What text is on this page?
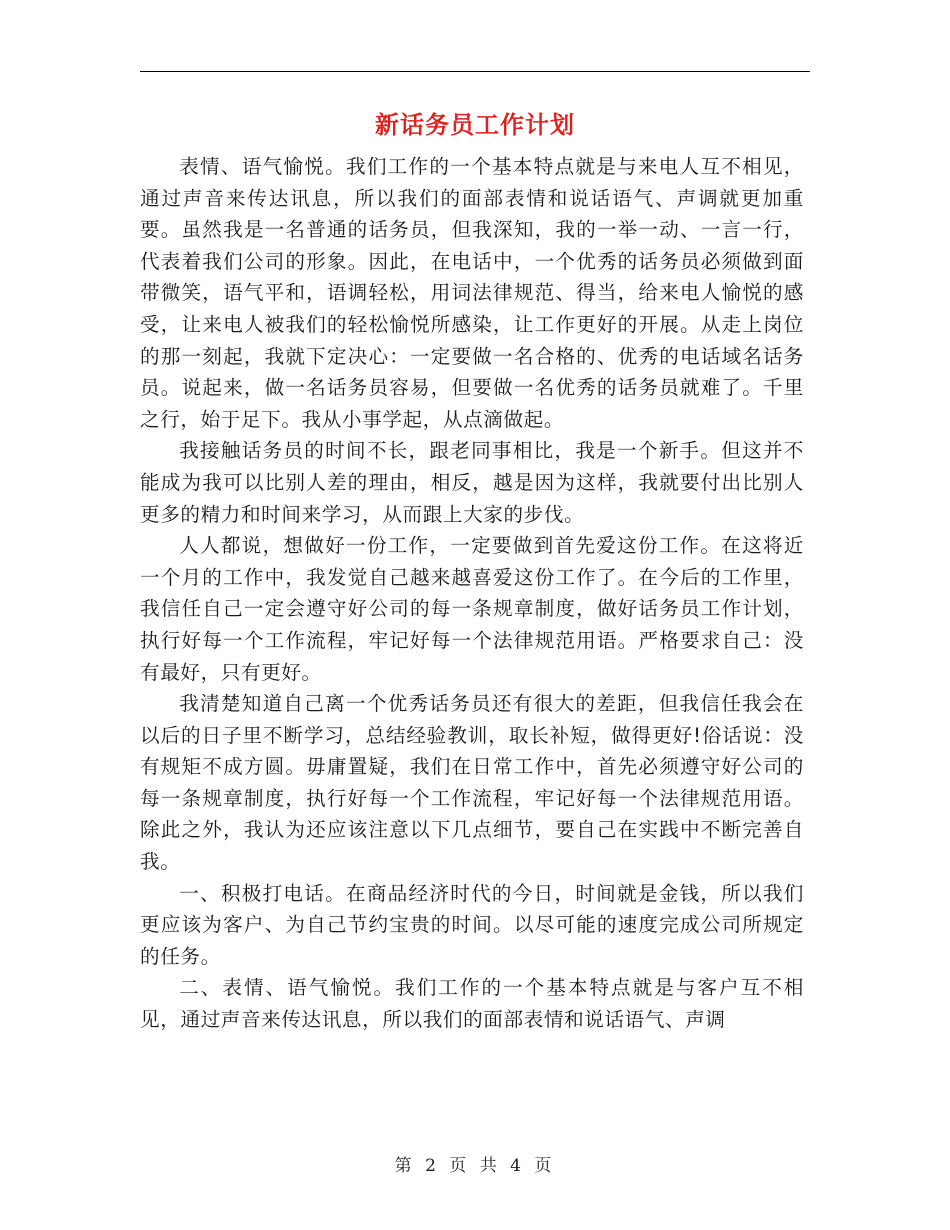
新话务员工作计划

表情、语气愉悦。我们工作的一个基本特点就是与来电人互不相见，通过声音来传达讯息，所以我们的面部表情和说话语气、声调就更加重要。虽然我是一名普通的话务员，但我深知，我的一举一动、一言一行，代表着我们公司的形象。因此，在电话中，一个优秀的话务员必须做到面带微笑，语气平和，语调轻松，用词法律规范、得当，给来电人愉悦的感受，让来电人被我们的轻松愉悦所感染，让工作更好的开展。从走上岗位的那一刻起，我就下定决心：一定要做一名合格的、优秀的电话域名话务员。说起来，做一名话务员容易，但要做一名优秀的话务员就难了。千里之行，始于足下。我从小事学起，从点滴做起。

我接触话务员的时间不长，跟老同事相比，我是一个新手。但这并不能成为我可以比别人差的理由，相反，越是因为这样，我就要付出比别人更多的精力和时间来学习，从而跟上大家的步伐。

人人都说，想做好一份工作，一定要做到首先爱这份工作。在这将近一个月的工作中，我发觉自己越来越喜爱这份工作了。在今后的工作里，我信任自己一定会遵守好公司的每一条规章制度，做好话务员工作计划，执行好每一个工作流程，牢记好每一个法律规范用语。严格要求自己：没有最好，只有更好。

我清楚知道自己离一个优秀话务员还有很大的差距，但我信任我会在以后的日子里不断学习，总结经验教训，取长补短，做得更好!俗话说：没有规矩不成方圆。毋庸置疑，我们在日常工作中，首先必须遵守好公司的每一条规章制度，执行好每一个工作流程，牢记好每一个法律规范用语。除此之外，我认为还应该注意以下几点细节，要自己在实践中不断完善自我。

一、积极打电话。在商品经济时代的今日，时间就是金钱，所以我们更应该为客户、为自己节约宝贵的时间。以尽可能的速度完成公司所规定的任务。

二、表情、语气愉悦。我们工作的一个基本特点就是与客户互不相见，通过声音来传达讯息，所以我们的面部表情和说话语气、声调

第 2 页 共 4 页
